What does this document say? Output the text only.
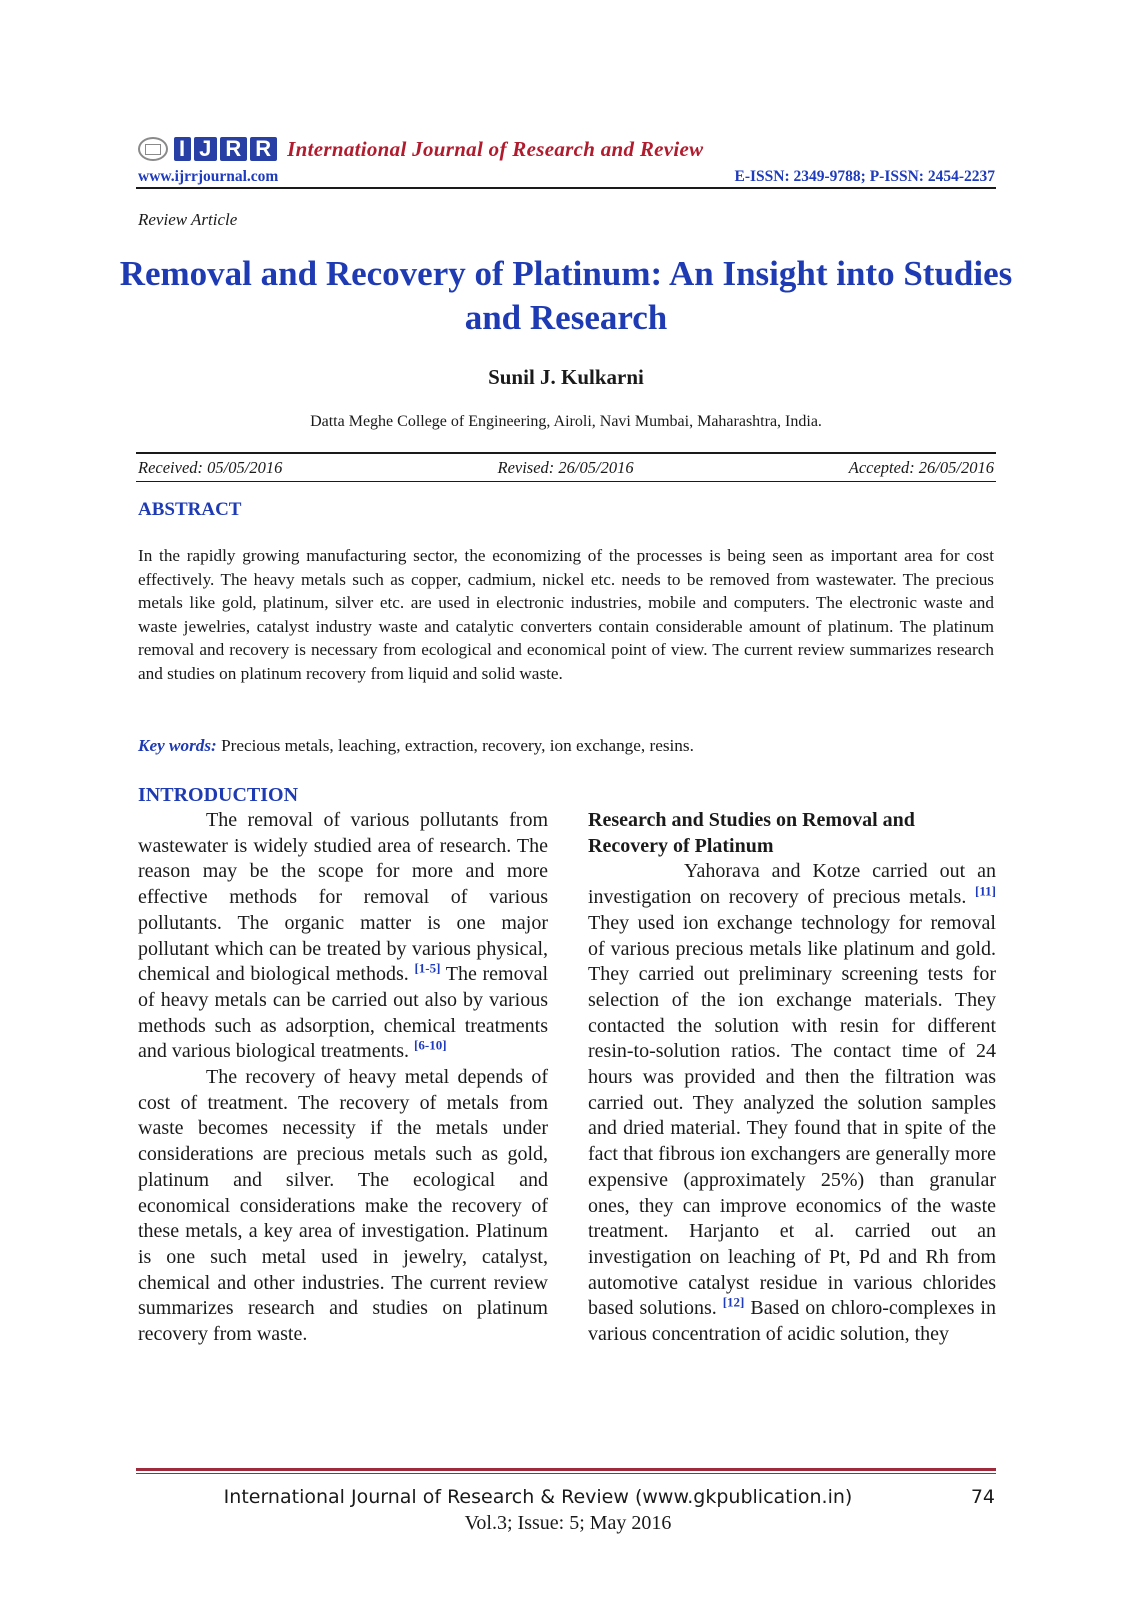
I J R R International Journal of Research and Review
www.ijrrjournal.com	E-ISSN: 2349-9788; P-ISSN: 2454-2237
Review Article
Removal and Recovery of Platinum: An Insight into Studies and Research
Sunil J. Kulkarni
Datta Meghe College of Engineering, Airoli, Navi Mumbai, Maharashtra, India.
Received: 05/05/2016	Revised: 26/05/2016	Accepted: 26/05/2016
ABSTRACT
In the rapidly growing manufacturing sector, the economizing of the processes is being seen as important area for cost effectively. The heavy metals such as copper, cadmium, nickel etc. needs to be removed from wastewater. The precious metals like gold, platinum, silver etc. are used in electronic industries, mobile and computers. The electronic waste and waste jewelries, catalyst industry waste and catalytic converters contain considerable amount of platinum. The platinum removal and recovery is necessary from ecological and economical point of view. The current review summarizes research and studies on platinum recovery from liquid and solid waste.
Key words: Precious metals, leaching, extraction, recovery, ion exchange, resins.
INTRODUCTION

The removal of various pollutants from wastewater is widely studied area of research. The reason may be the scope for more and more effective methods for removal of various pollutants. The organic matter is one major pollutant which can be treated by various physical, chemical and biological methods. [1-5] The removal of heavy metals can be carried out also by various methods such as adsorption, chemical treatments and various biological treatments. [6-10]

The recovery of heavy metal depends of cost of treatment. The recovery of metals from waste becomes necessity if the metals under considerations are precious metals such as gold, platinum and silver. The ecological and economical considerations make the recovery of these metals, a key area of investigation. Platinum is one such metal used in jewelry, catalyst, chemical and other industries. The current review summarizes research and studies on platinum recovery from waste.

Research and Studies on Removal and Recovery of Platinum

Yahorava and Kotze carried out an investigation on recovery of precious metals. [11] They used ion exchange technology for removal of various precious metals like platinum and gold. They carried out preliminary screening tests for selection of the ion exchange materials. They contacted the solution with resin for different resin-to-solution ratios. The contact time of 24 hours was provided and then the filtration was carried out. They analyzed the solution samples and dried material. They found that in spite of the fact that fibrous ion exchangers are generally more expensive (approximately 25%) than granular ones, they can improve economics of the waste treatment. Harjanto et al. carried out an investigation on leaching of Pt, Pd and Rh from automotive catalyst residue in various chlorides based solutions. [12] Based on chloro-complexes in various concentration of acidic solution, they

International Journal of Research & Review (www.gkpublication.in)	74
Vol.3; Issue: 5; May 2016
